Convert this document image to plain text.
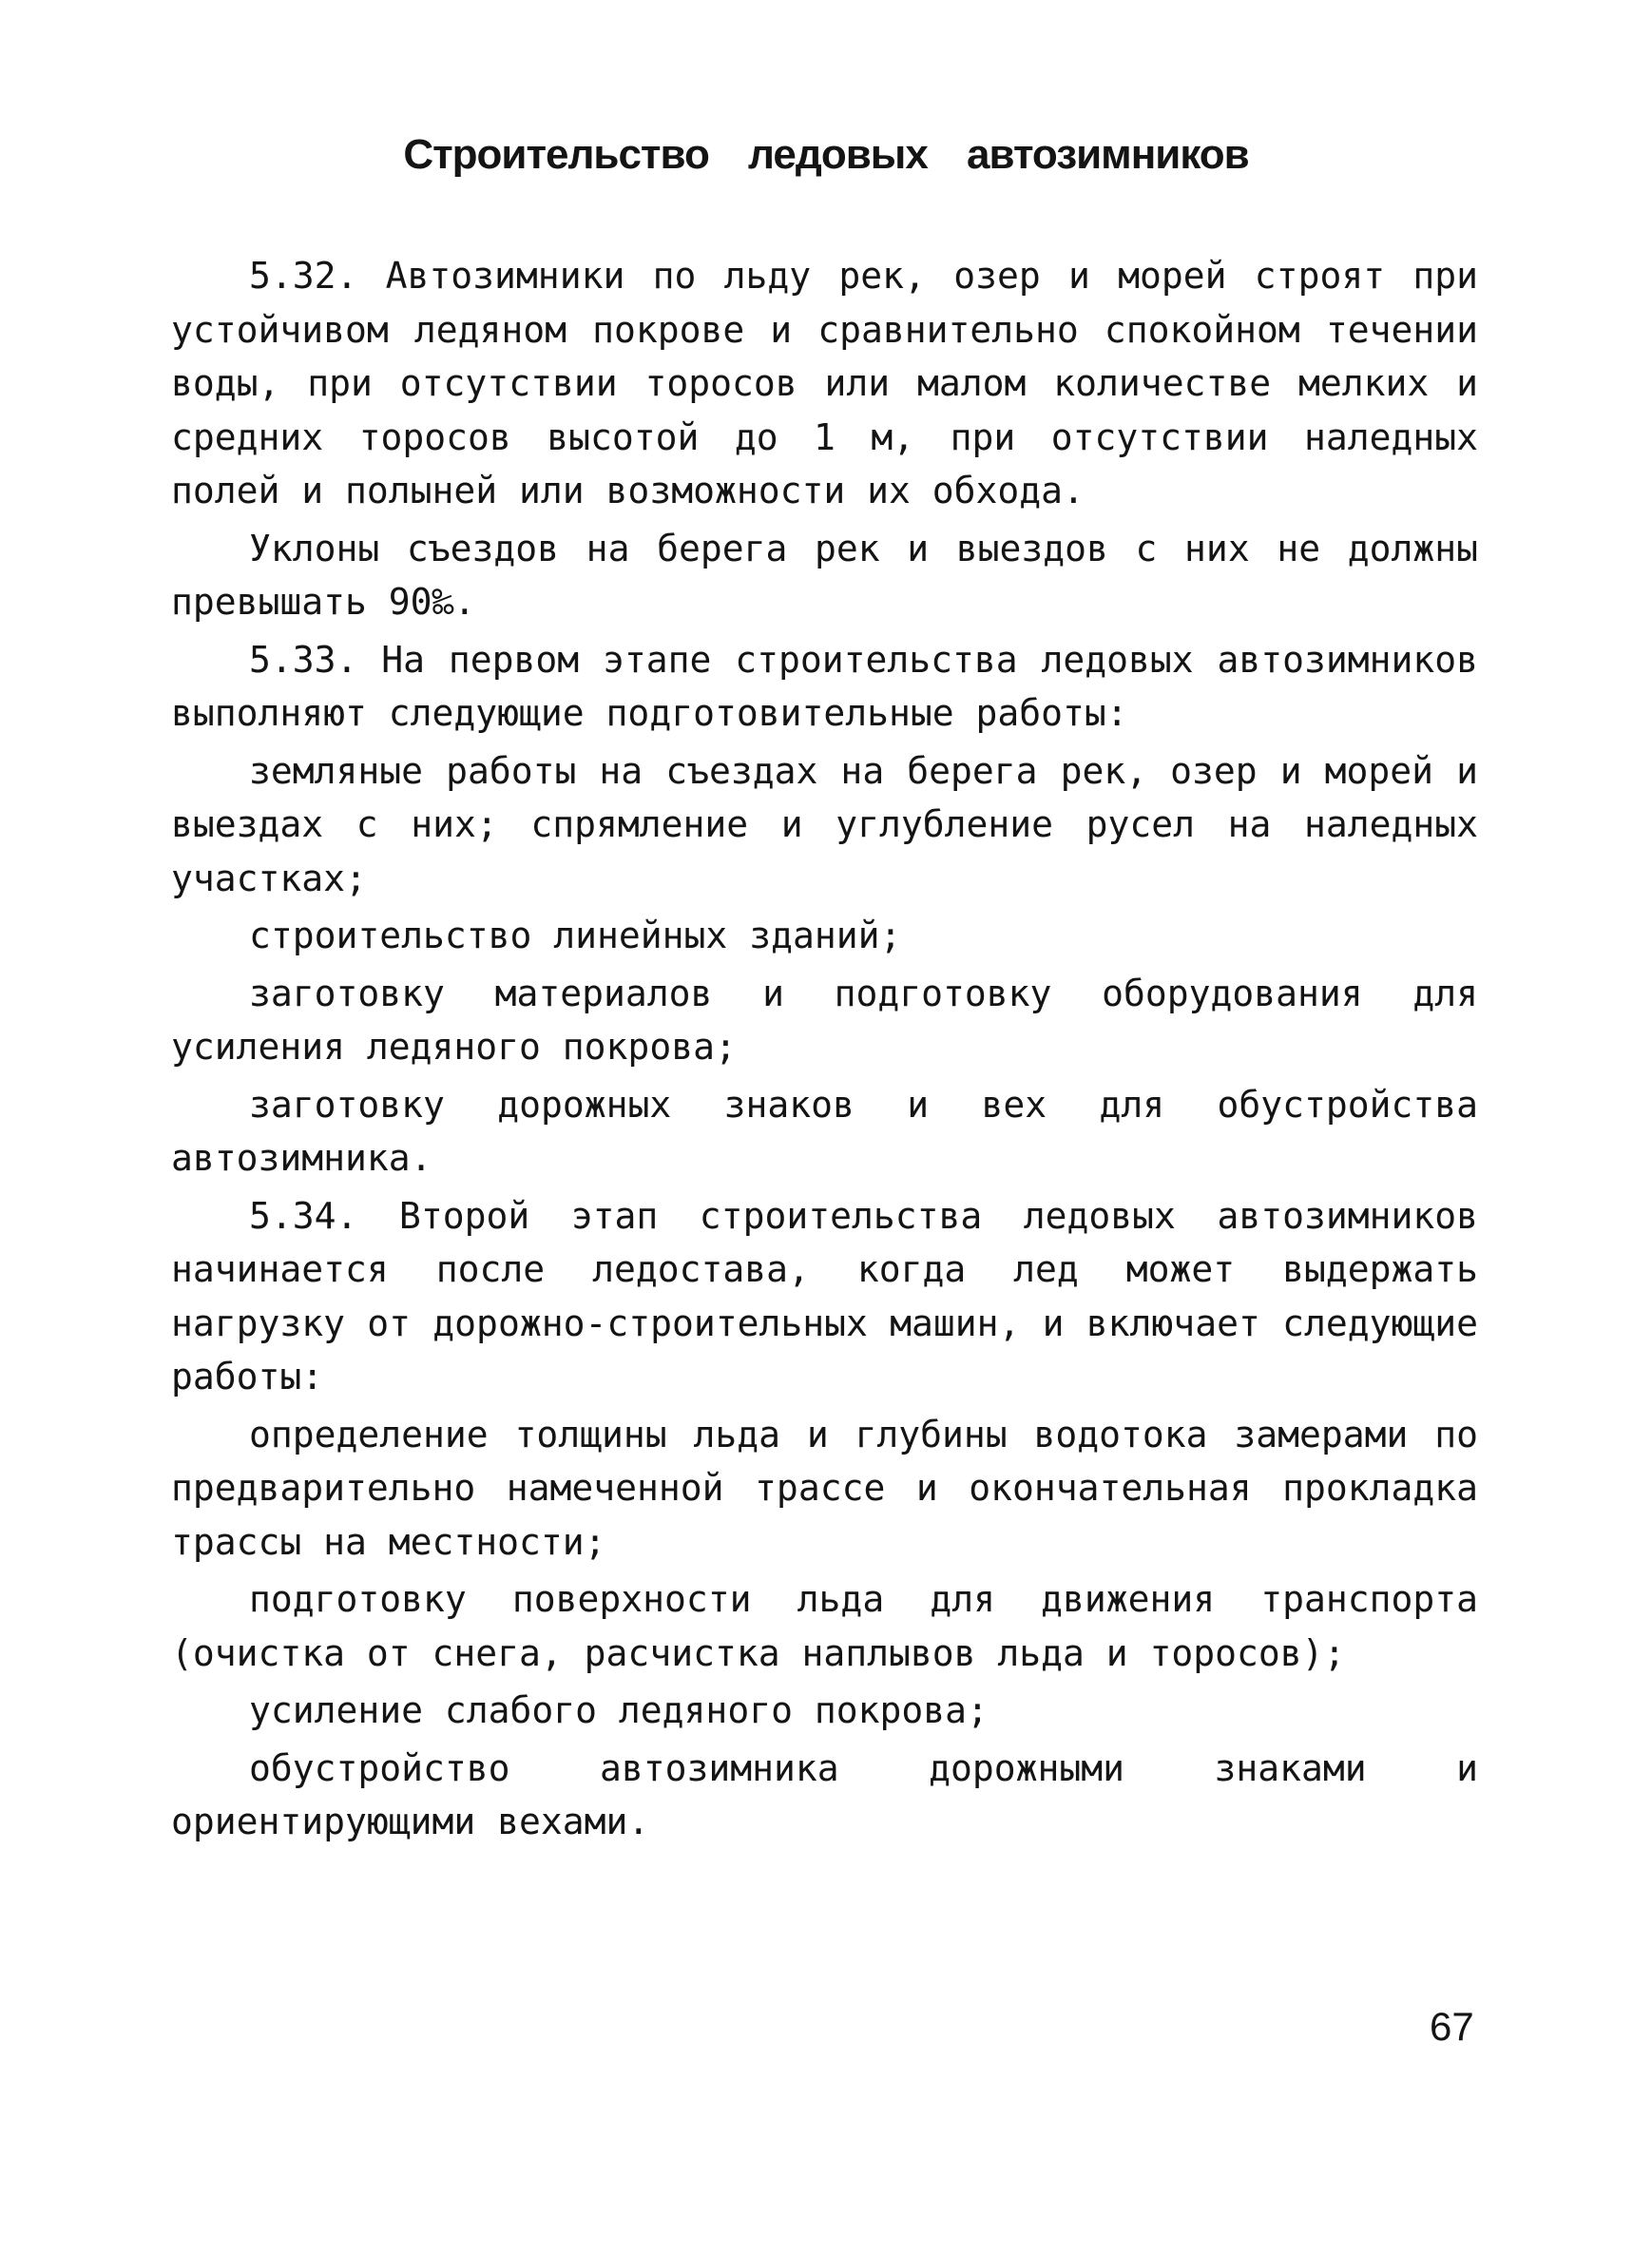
Строительство ледовых автозимников

5.32. Автозимники по льду рек, озер и морей строят при устойчивом ледяном покрове и сравнительно спокойном течении воды, при отсутствии торосов или малом количестве мелких и средних торосов высотой до 1 м, при отсутствии наледных полей и полыней или возможности их обхода.

Уклоны съездов на берега рек и выездов с них не должны превышать 90‰.

5.33. На первом этапе строительства ледовых автозимников выполняют следующие подготовительные работы:

земляные работы на съездах на берега рек, озер и морей и выездах с них; спрямление и углубление русел на наледных участках;

строительство линейных зданий;

заготовку материалов и подготовку оборудования для усиления ледяного покрова;

заготовку дорожных знаков и вех для обустройства автозимника.

5.34. Второй этап строительства ледовых автозимников начинается после ледостава, когда лед может выдержать нагрузку от дорожно-строительных машин, и включает следующие работы:

определение толщины льда и глубины водотока замерами по предварительно намеченной трассе и окончательная прокладка трассы на местности;

подготовку поверхности льда для движения транспорта (очистка от снега, расчистка наплывов льда и торосов);

усиление слабого ледяного покрова;

обустройство автозимника дорожными знаками и ориентирующими вехами.

67
